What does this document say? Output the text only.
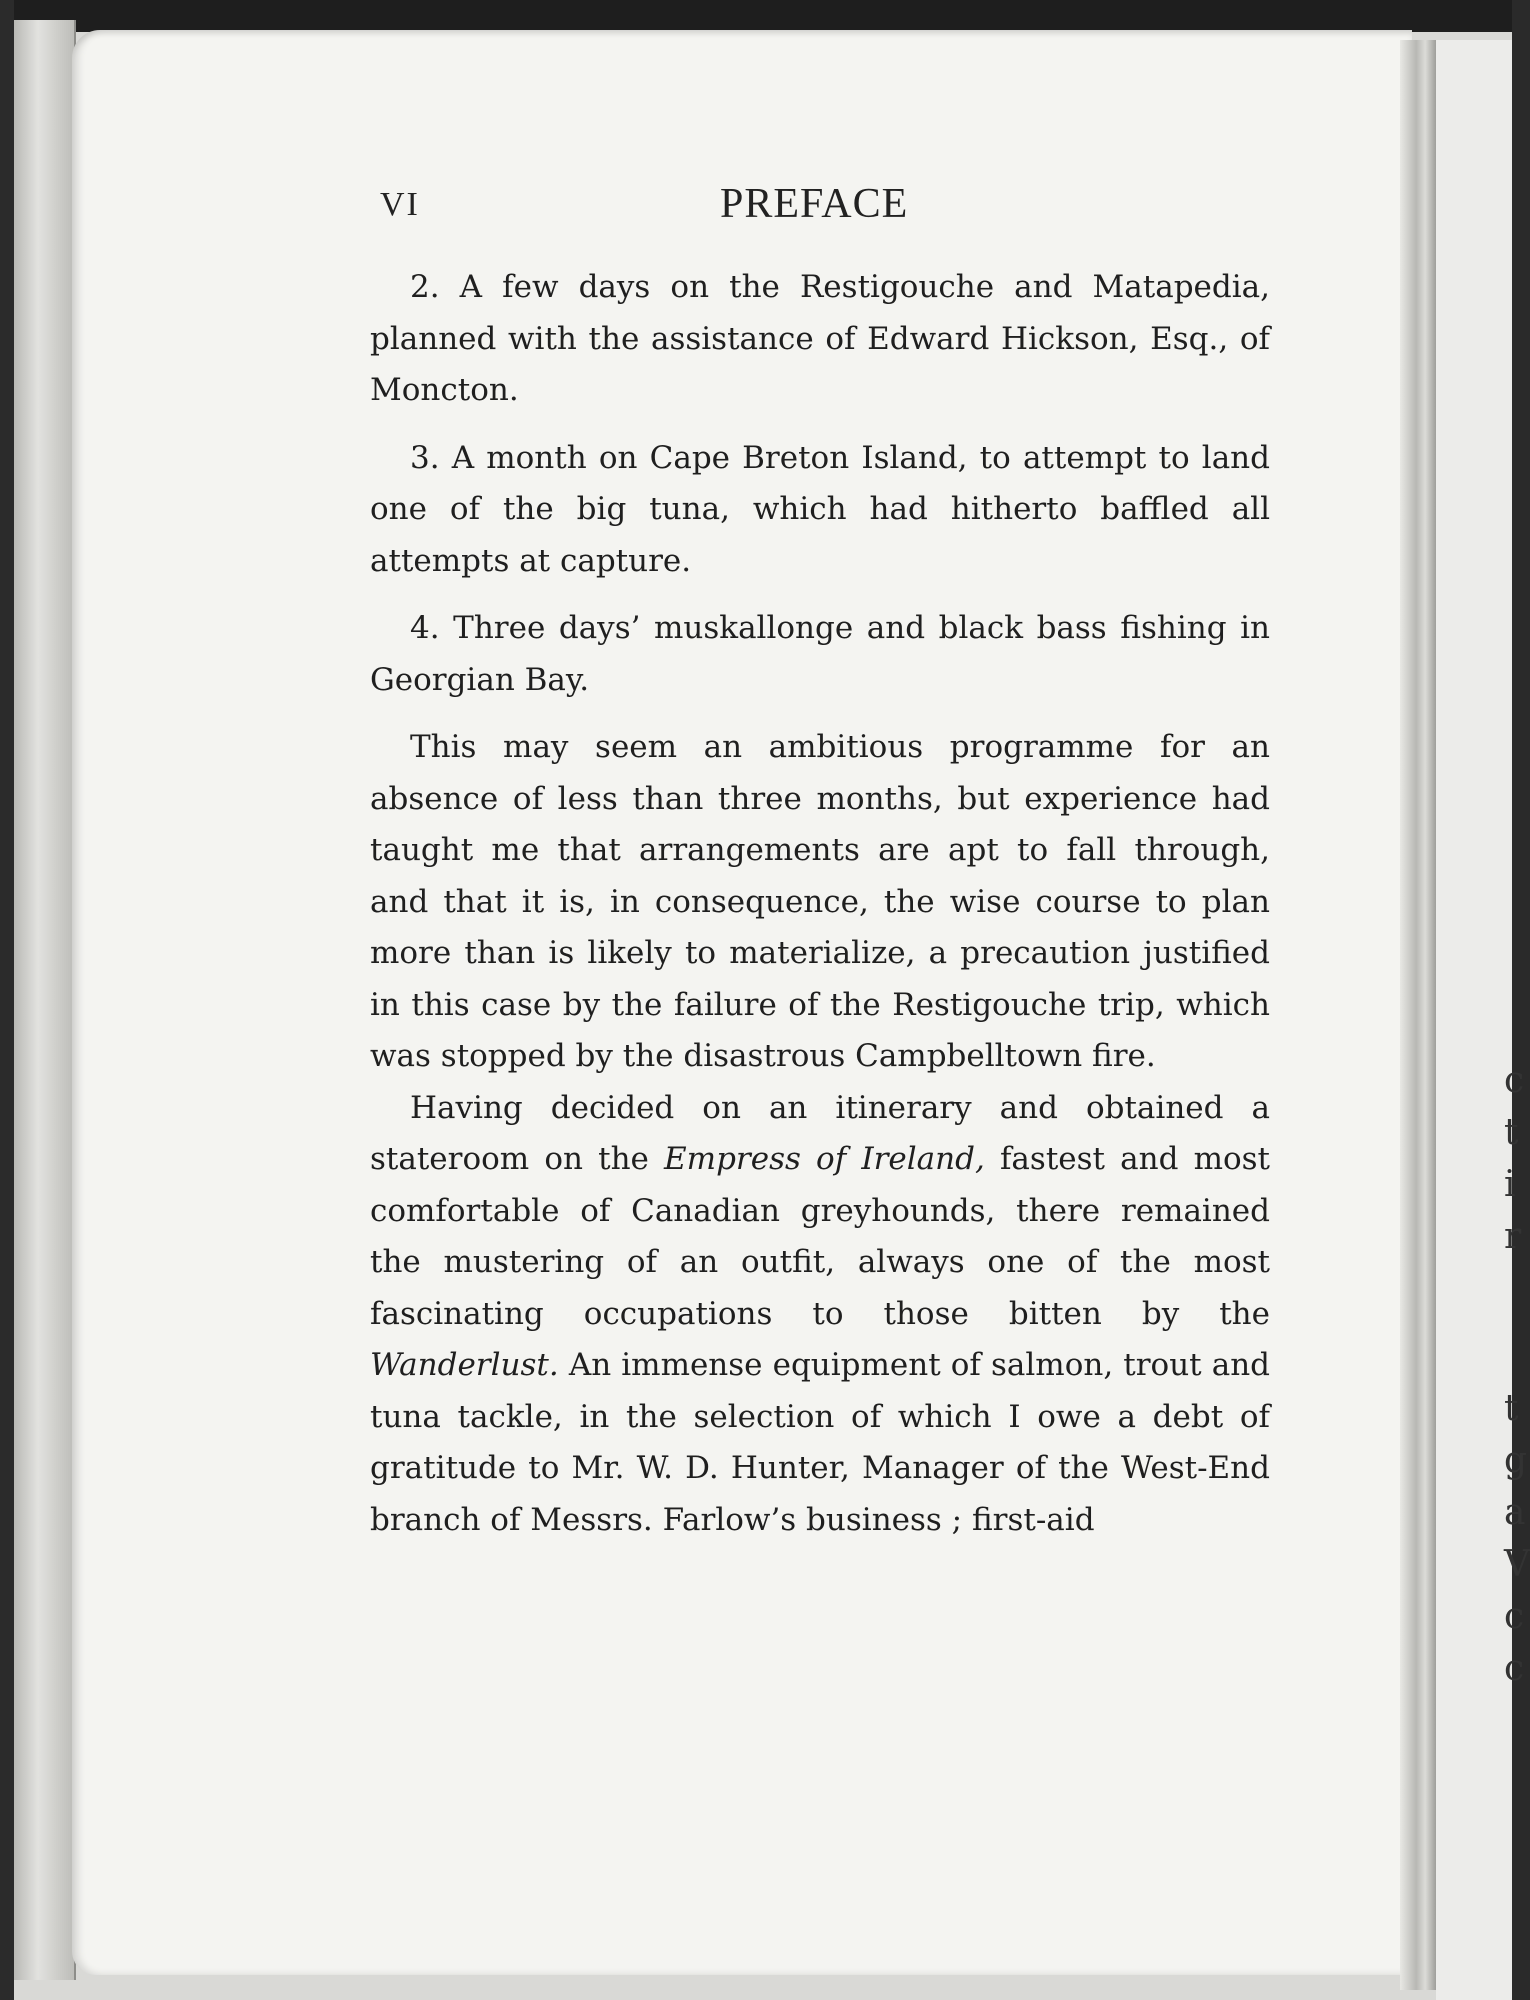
c
t
i
r
t
g
a
V
c
c
VI	PREFACE

2. A few days on the Restigouche and Matapedia, planned with the assistance of Edward Hickson, Esq., of Moncton.

3. A month on Cape Breton Island, to attempt to land one of the big tuna, which had hitherto baffled all attempts at capture.

4. Three days’ muskallonge and black bass fishing in Georgian Bay.

This may seem an ambitious programme for an absence of less than three months, but experience had taught me that arrangements are apt to fall through, and that it is, in consequence, the wise course to plan more than is likely to materialize, a precaution justified in this case by the failure of the Restigouche trip, which was stopped by the disastrous Campbelltown fire.

Having decided on an itinerary and obtained a stateroom on the Empress of Ireland, fastest and most comfortable of Canadian greyhounds, there remained the mustering of an outfit, always one of the most fascinating occupations to those bitten by the Wanderlust. An immense equipment of salmon, trout and tuna tackle, in the selection of which I owe a debt of gratitude to Mr. W. D. Hunter, Manager of the West-End branch of Messrs. Farlow’s business ; first-aid
